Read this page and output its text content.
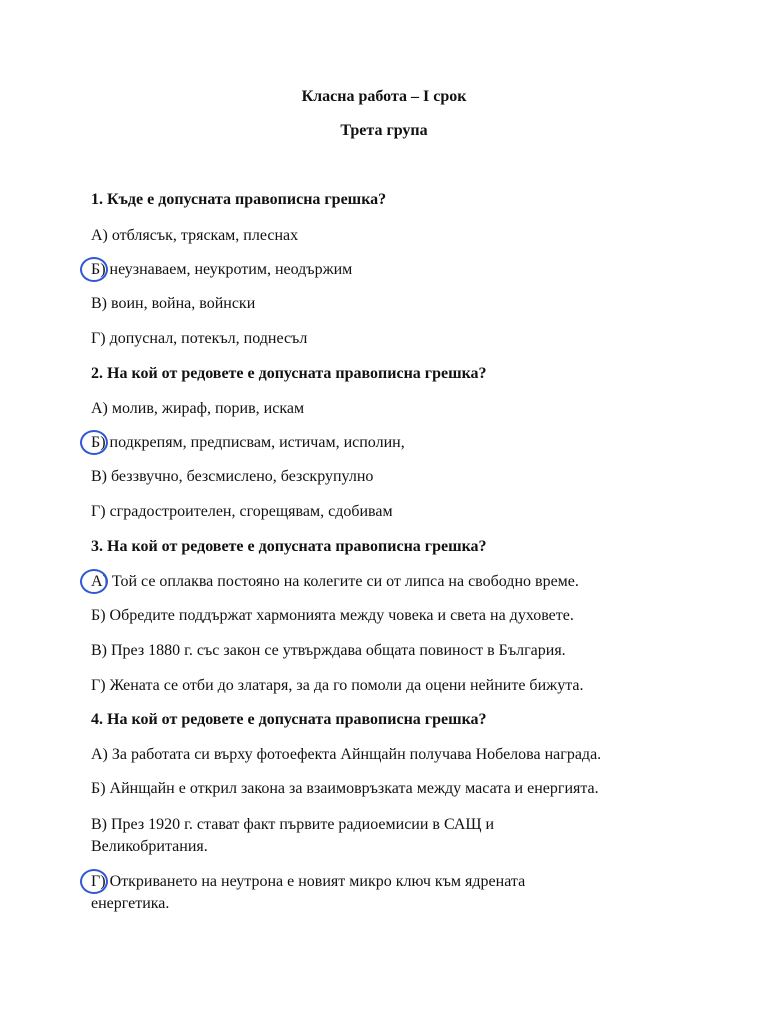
Класна работа – I срок
Трета група
1. Къде е допусната правописна грешка?
А) отблясък, тряскам, плеснах
Б) неузнаваем, неукротим, неодържим
В) воин, война, войнски
Г) допуснал, потекъл, поднесъл
2. На кой от редовете е допусната правописна грешка?
А) молив, жираф, порив, искам
Б) подкрепям, предписвам, истичам, исполин,
В) беззвучно, безсмислено, безскрупулно
Г) сградостроителен, сгорещявам, сдобивам
3. На кой от редовете е допусната правописна грешка?
А) Той се оплаква постояно на колегите си от липса на свободно време.
Б) Обредите поддържат хармонията между човека и света на духовете.
В) През 1880 г. със закон се утвърждава общата повиност в България.
Г) Жената се отби до златаря, за да го помоли да оцени нейните бижута.
4. На кой от редовете е допусната правописна грешка?
А) За работата си върху фотоефекта Айнщайн получава Нобелова награда.
Б) Айнщайн е открил закона за взаимовръзката между масата и енергията.
В) През 1920 г. стават факт първите радиоемисии в САЩ и
Великобритания.
Г) Откриването на неутрона е новият микро ключ към ядрената
енергетика.
